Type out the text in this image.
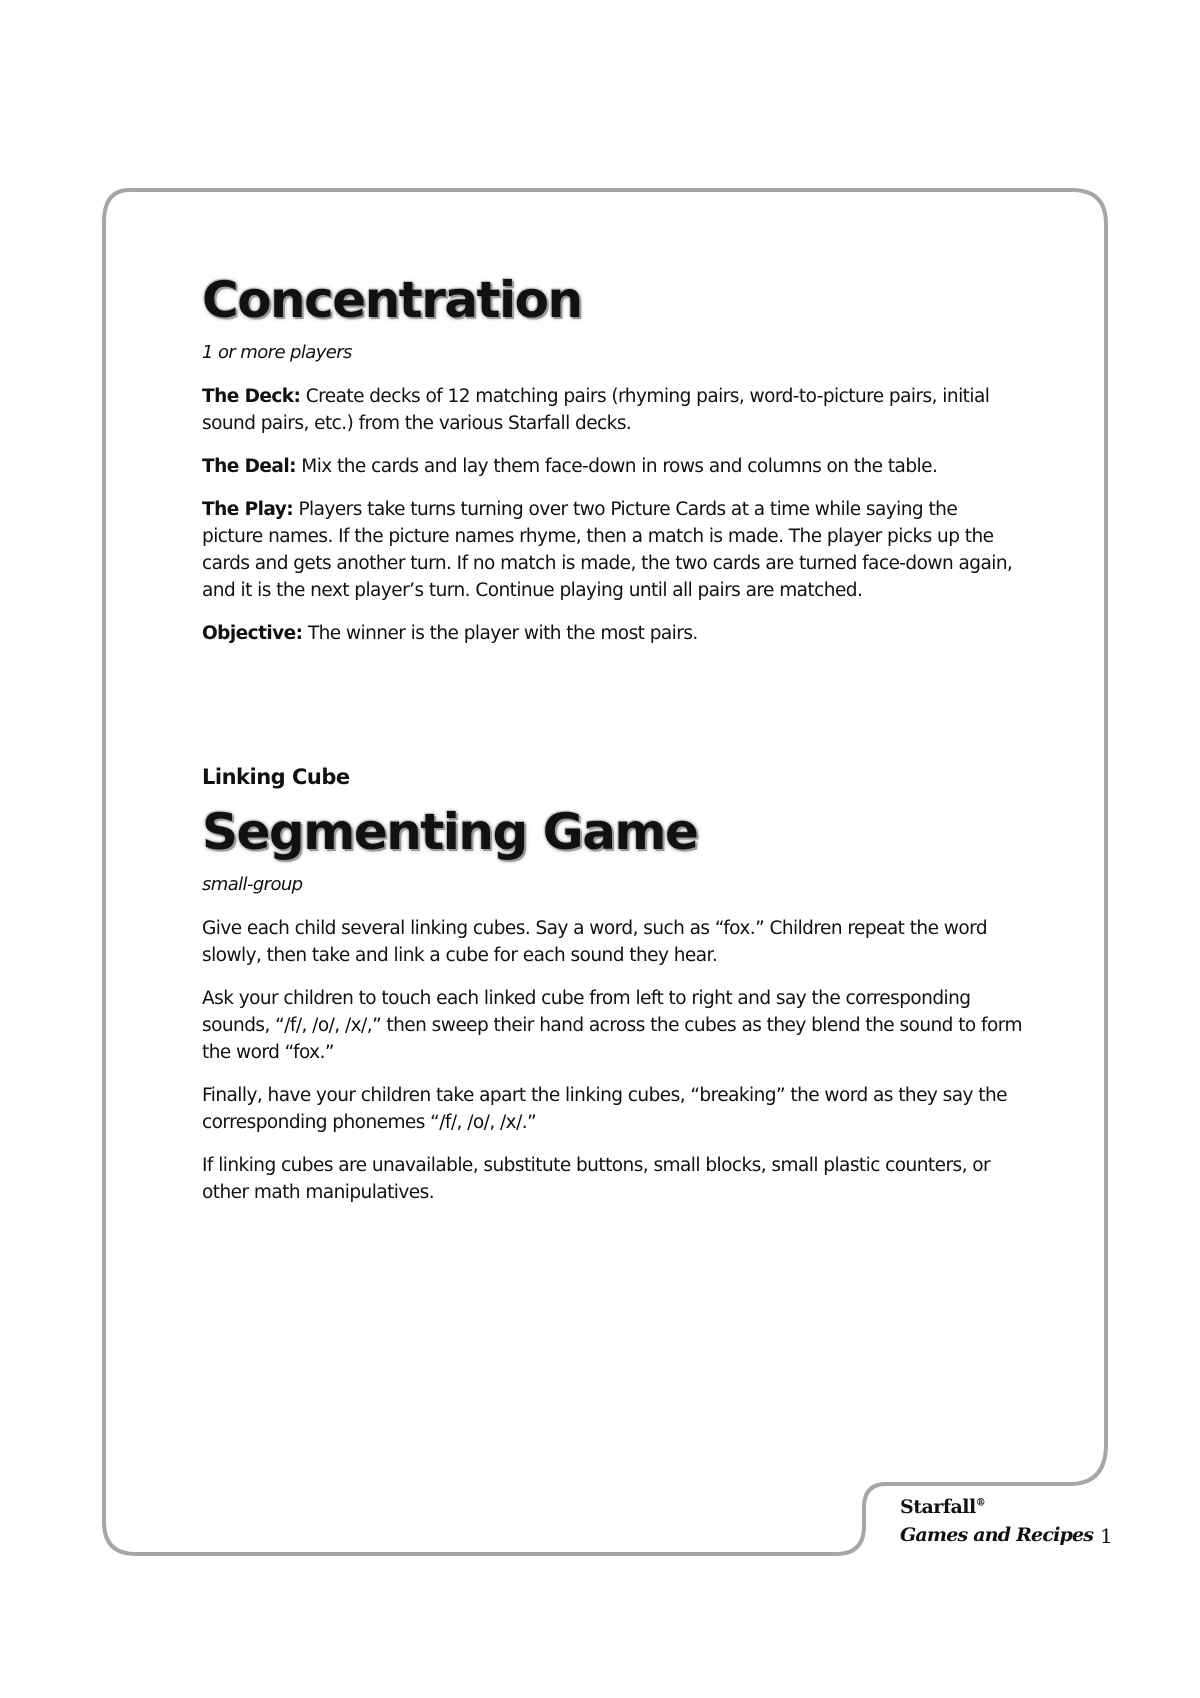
Concentration
1 or more players

The Deck: Create decks of 12 matching pairs (rhyming pairs, word-to-picture pairs, initial sound pairs, etc.) from the various Starfall decks.

The Deal: Mix the cards and lay them face-down in rows and columns on the table.

The Play: Players take turns turning over two Picture Cards at a time while saying the picture names. If the picture names rhyme, then a match is made. The player picks up the cards and gets another turn. If no match is made, the two cards are turned face-down again, and it is the next player’s turn. Continue playing until all pairs are matched.

Objective: The winner is the player with the most pairs.

Linking Cube
Segmenting Game
small-group

Give each child several linking cubes. Say a word, such as “fox.” Children repeat the word slowly, then take and link a cube for each sound they hear.

Ask your children to touch each linked cube from left to right and say the corresponding sounds, “/f/, /o/, /x/,” then sweep their hand across the cubes as they blend the sound to form the word “fox.”

Finally, have your children take apart the linking cubes, “breaking” the word as they say the corresponding phonemes “/f/, /o/, /x/.”

If linking cubes are unavailable, substitute buttons, small blocks, small plastic counters, or other math manipulatives.

Starfall®
Games and Recipes 1
